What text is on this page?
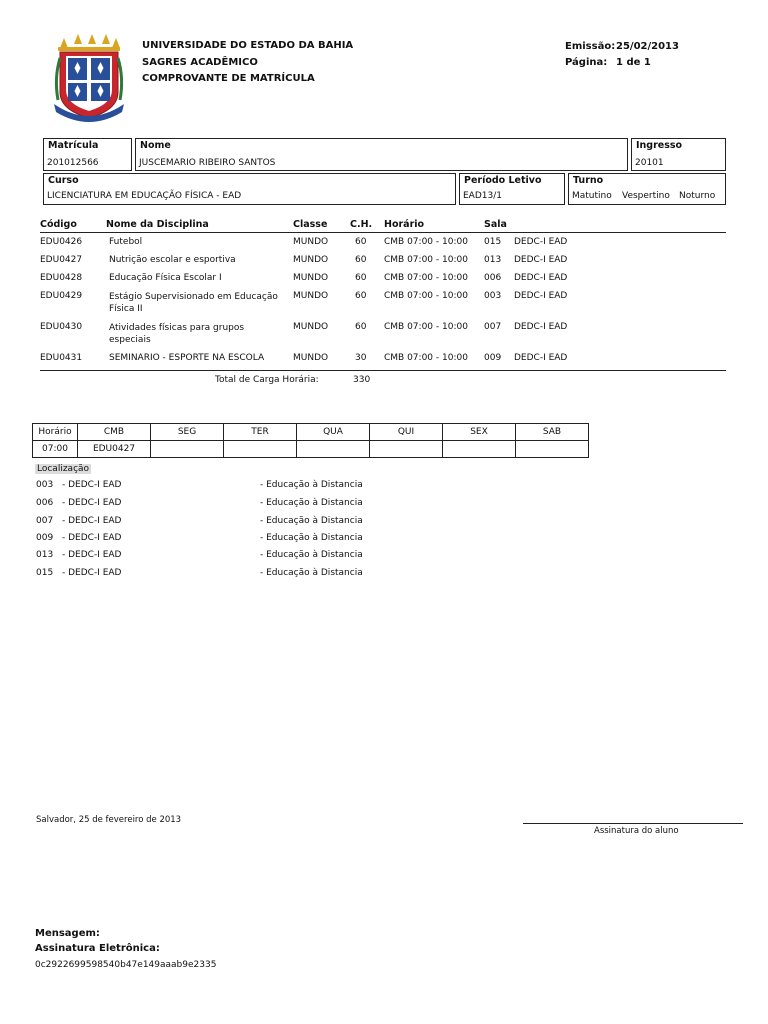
UNIVERSIDADE DO ESTADO DA BAHIA
SAGRES ACADÊMICO
COMPROVANTE DE MATRÍCULA
Emissão: 25/02/2013
Página: 1 de 1
Matrícula
201012566
Nome
JUSCEMARIO RIBEIRO SANTOS
Ingresso
20101
Curso
LICENCIATURA EM EDUCAÇÃO FÍSICA - EAD
Período Letivo
EAD13/1
Turno
Matutino Vespertino Noturno
Código	Nome da Disciplina	Classe C.H. Horário	Sala
EDU0426	Futebol	MUNDO	60 CMB 07:00 - 10:00 015 DEDC-I EAD
EDU0427	Nutrição escolar e esportiva	MUNDO	60 CMB 07:00 - 10:00 013 DEDC-I EAD
EDU0428	Educação Física Escolar I	MUNDO	60 CMB 07:00 - 10:00 006 DEDC-I EAD
EDU0429	Estágio Supervisionado em Educação Física II
MUNDO	60 CMB 07:00 - 10:00 003 DEDC-I EAD
EDU0430	Atividades físicas para grupos especiais
MUNDO	60 CMB 07:00 - 10:00 007 DEDC-I EAD
EDU0431	SEMINARIO - ESPORTE NA ESCOLA	MUNDO	30 CMB 07:00 - 10:00 009 DEDC-I EAD
Total de Carga Horária:	330
Horário	CMB	SEG	TER	QUA	QUI	SEX	SAB
07:00	EDU0427						
Localização
003 - DEDC-I EAD	- Educação à Distancia
006 - DEDC-I EAD	- Educação à Distancia
007 - DEDC-I EAD	- Educação à Distancia
009 - DEDC-I EAD	- Educação à Distancia
013 - DEDC-I EAD	- Educação à Distancia
015 - DEDC-I EAD	- Educação à Distancia
Salvador, 25 de fevereiro de 2013
Assinatura do aluno
Mensagem:
Assinatura Eletrônica:
0c2922699598540b47e149aaab9e2335
